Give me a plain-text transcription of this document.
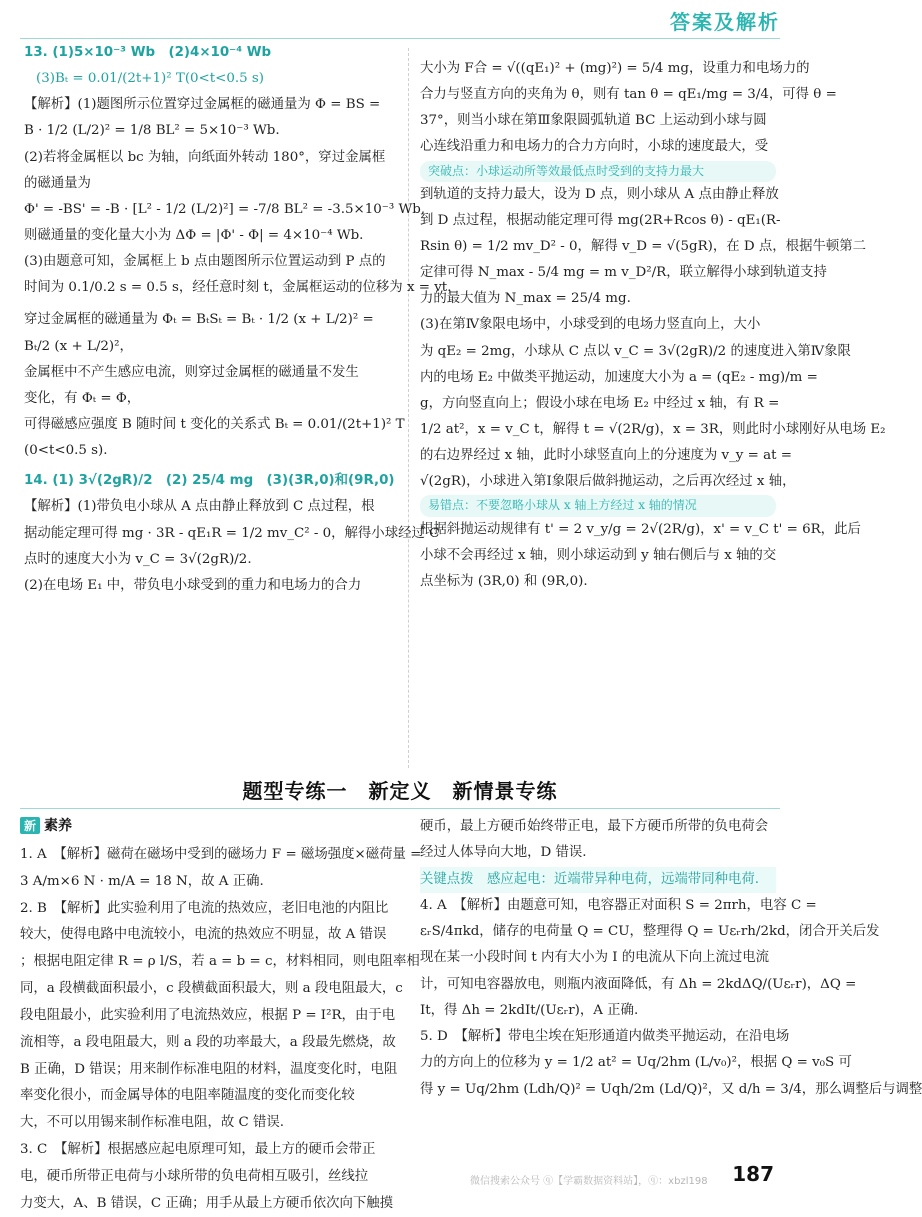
答案及解析

13. (1)5×10⁻³ Wb　(2)4×10⁻⁴ Wb

(3)Bₜ = 0.01/(2t+1)² T(0<t<0.5 s)

【解析】(1)题图所示位置穿过金属框的磁通量为 Φ = BS =

B · 1/2 (L/2)² = 1/8 BL² = 5×10⁻³ Wb.

(2)若将金属框以 bc 为轴，向纸面外转动 180°，穿过金属框

的磁通量为

Φ' = -BS' = -B · [L² - 1/2 (L/2)²] = -7/8 BL² = -3.5×10⁻³ Wb,

则磁通量的变化量大小为 ΔΦ = |Φ' - Φ| = 4×10⁻⁴ Wb.

(3)由题意可知，金属框上 b 点由题图所示位置运动到 P 点的

时间为 0.1/0.2 s = 0.5 s，经任意时刻 t，金属框运动的位移为 x = vt，

穿过金属框的磁通量为 Φₜ = BₜSₜ = Bₜ · 1/2 (x + L/2)² =

Bₜ/2 (x + L/2)²，

金属框中不产生感应电流，则穿过金属框的磁通量不发生

变化，有 Φₜ = Φ，

可得磁感应强度 B 随时间 t 变化的关系式 Bₜ = 0.01/(2t+1)² T

(0<t<0.5 s).

14. (1) 3√(2gR)/2　(2) 25/4 mg　(3)(3R,0)和(9R,0)

【解析】(1)带负电小球从 A 点由静止释放到 C 点过程，根

据动能定理可得 mg · 3R - qE₁R = 1/2 mv_C² - 0，解得小球经过 C

点时的速度大小为 v_C = 3√(2gR)/2.

(2)在电场 E₁ 中，带负电小球受到的重力和电场力的合力

大小为 F合 = √((qE₁)² + (mg)²) = 5/4 mg，设重力和电场力的

合力与竖直方向的夹角为 θ，则有 tan θ = qE₁/mg = 3/4，可得 θ =

37°，则当小球在第Ⅲ象限圆弧轨道 BC 上运动到小球与圆

心连线沿重力和电场力的合力方向时，小球的速度最大，受

突破点：小球运动所等效最低点时受到的支持力最大

到轨道的支持力最大，设为 D 点，则小球从 A 点由静止释放

到 D 点过程，根据动能定理可得 mg(2R+Rcos θ) - qE₁(R-

Rsin θ) = 1/2 mv_D² - 0，解得 v_D = √(5gR)，在 D 点，根据牛顿第二

定律可得 N_max - 5/4 mg = m v_D²/R，联立解得小球到轨道支持

力的最大值为 N_max = 25/4 mg.

(3)在第Ⅳ象限电场中，小球受到的电场力竖直向上，大小

为 qE₂ = 2mg，小球从 C 点以 v_C = 3√(2gR)/2 的速度进入第Ⅳ象限

内的电场 E₂ 中做类平抛运动，加速度大小为 a = (qE₂ - mg)/m =

g，方向竖直向上；假设小球在电场 E₂ 中经过 x 轴，有 R =

1/2 at²，x = v_C t，解得 t = √(2R/g)，x = 3R，则此时小球刚好从电场 E₂

的右边界经过 x 轴，此时小球竖直向上的分速度为 v_y = at =

√(2gR)，小球进入第Ⅰ象限后做斜抛运动，之后再次经过 x 轴，

易错点：不要忽略小球从 x 轴上方经过 x 轴的情况

根据斜抛运动规律有 t' = 2 v_y/g = 2√(2R/g)，x' = v_C t' = 6R，此后

小球不会再经过 x 轴，则小球运动到 y 轴右侧后与 x 轴的交

点坐标为 (3R,0) 和 (9R,0).

题型专练一　新定义　新情景专练
新 素养

1. A　【解析】磁荷在磁场中受到的磁场力 F = 磁场强度×磁荷量 =

3 A/m×6 N · m/A = 18 N，故 A 正确.

2. B　【解析】此实验利用了电流的热效应，老旧电池的内阻比

较大，使得电路中电流较小，电流的热效应不明显，故 A 错误

；根据电阻定律 R = ρ l/S，若 a = b = c，材料相同，则电阻率相

同，a 段横截面积最小，c 段横截面积最大，则 a 段电阻最大，c

段电阻最小，此实验利用了电流热效应，根据 P = I²R，由于电

流相等，a 段电阻最大，则 a 段的功率最大，a 段最先燃烧，故

B 正确，D 错误；用来制作标准电阻的材料，温度变化时，电阻

率变化很小，而金属导体的电阻率随温度的变化而变化较

大，不可以用锡来制作标准电阻，故 C 错误.

3. C　【解析】根据感应起电原理可知，最上方的硬币会带正

电，硬币所带正电荷与小球所带的负电荷相互吸引，丝线拉

力变大，A、B 错误，C 正确；用手从最上方硬币依次向下触摸

硬币，最上方硬币始终带正电，最下方硬币所带的负电荷会

经过人体导向大地，D 错误.

关键点拨　感应起电：近端带异种电荷，远端带同种电荷.

4. A　【解析】由题意可知，电容器正对面积 S = 2πrh，电容 C =

εᵣS/4πkd，储存的电荷量 Q = CU，整理得 Q = Uεᵣrh/2kd，闭合开关后发

现在某一小段时间 t 内有大小为 I 的电流从下向上流过电流

计，可知电容器放电，则瓶内液面降低，有 Δh = 2kdΔQ/(Uεᵣr)，ΔQ =

It，得 Δh = 2kdIt/(Uεᵣr)，A 正确.

5. D　【解析】带电尘埃在矩形通道内做类平抛运动，在沿电场

力的方向上的位移为 y = 1/2 at² = Uq/2hm (L/v₀)²，根据 Q = v₀S 可

得 y = Uq/2hm (Ldh/Q)² = Uqh/2m (Ld/Q)²，又 d/h = 3/4，那么调整后与调整

微信搜索公众号 ⓠ【学霸数据资料站】，ⓠ：xbzl198 187
